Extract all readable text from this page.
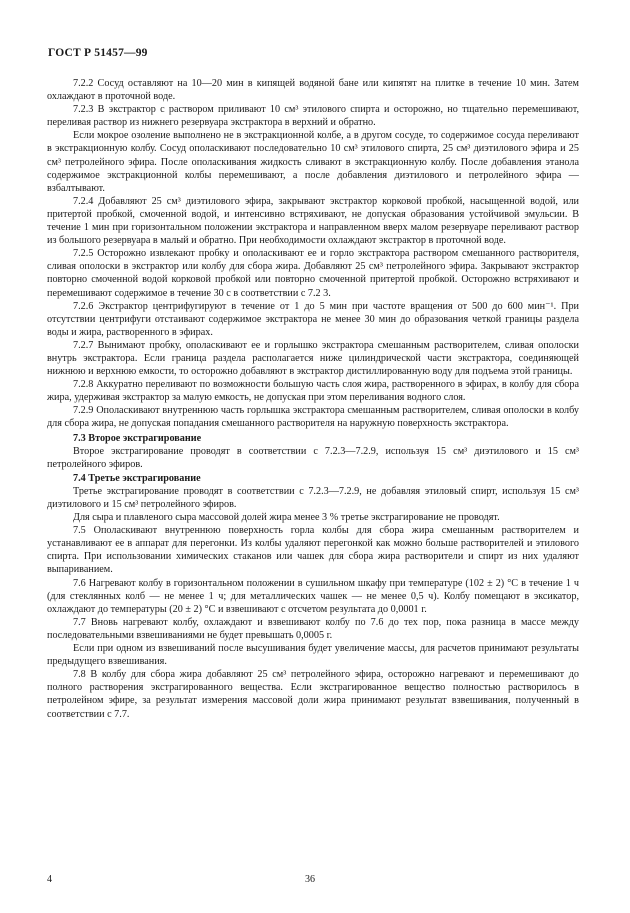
ГОСТ Р 51457—99

7.2.2 Сосуд оставляют на 10—20 мин в кипящей водяной бане или кипятят на плитке в течение 10 мин. Затем охлаждают в проточной воде.

7.2.3 В экстрактор с раствором приливают 10 см³ этилового спирта и осторожно, но тщательно перемешивают, переливая раствор из нижнего резервуара экстрактора в верхний и обратно.

Если мокрое озоление выполнено не в экстракционной колбе, а в другом сосуде, то содержимое сосуда переливают в экстракционную колбу. Сосуд ополаскивают последовательно 10 см³ этилового спирта, 25 см³ диэтилового эфира и 25 см³ петролейного эфира. После ополаскивания жидкость сливают в экстракционную колбу. После добавления этанола содержимое экстракционной колбы перемешивают, а после добавления диэтилового и петролейного эфира — взбалтывают.

7.2.4 Добавляют 25 см³ диэтилового эфира, закрывают экстрактор корковой пробкой, насыщенной водой, или притертой пробкой, смоченной водой, и интенсивно встряхивают, не допуская образования устойчивой эмульсии. В течение 1 мин при горизонтальном положении экстрактора и направленном вверх малом резервуаре переливают раствор из большого резервуара в малый и обратно. При необходимости охлаждают экстрактор в проточной воде.

7.2.5 Осторожно извлекают пробку и ополаскивают ее и горло экстрактора раствором смешанного растворителя, сливая ополоски в экстрактор или колбу для сбора жира. Добавляют 25 см³ петролейного эфира. Закрывают экстрактор повторно смоченной водой корковой пробкой или повторно смоченной притертой пробкой. Осторожно встряхивают и перемешивают содержимое в течение 30 с в соответствии с 7.2 3.

7.2.6 Экстрактор центрифугируют в течение от 1 до 5 мин при частоте вращения от 500 до 600 мин⁻¹. При отсутствии центрифуги отстаивают содержимое экстрактора не менее 30 мин до образования четкой границы раздела воды и жира, растворенного в эфирах.

7.2.7 Вынимают пробку, ополаскивают ее и горлышко экстрактора смешанным растворителем, сливая ополоски внутрь экстрактора. Если граница раздела располагается ниже цилиндрической части экстрактора, соединяющей нижнюю и верхнюю емкости, то осторожно добавляют в экстрактор дистиллированную воду для подъема этой границы.

7.2.8 Аккуратно переливают по возможности большую часть слоя жира, растворенного в эфирах, в колбу для сбора жира, удерживая экстрактор за малую емкость, не допуская при этом переливания водного слоя.

7.2.9 Ополаскивают внутреннюю часть горлышка экстрактора смешанным растворителем, сливая ополоски в колбу для сбора жира, не допуская попадания смешанного растворителя на наружную поверхность экстрактора.

7.3 Второе экстрагирование

Второе экстрагирование проводят в соответствии с 7.2.3—7.2.9, используя 15 см³ диэтилового и 15 см³ петролейного эфиров.

7.4 Третье экстрагирование

Третье экстрагирование проводят в соответствии с 7.2.3—7.2.9, не добавляя этиловый спирт, используя 15 см³ диэтилового и 15 см³ петролейного эфиров.

Для сыра и плавленого сыра массовой долей жира менее 3 % третье экстрагирование не проводят.

7.5 Ополаскивают внутреннюю поверхность горла колбы для сбора жира смешанным растворителем и устанавливают ее в аппарат для перегонки. Из колбы удаляют перегонкой как можно больше растворителей и этилового спирта. При использовании химических стаканов или чашек для сбора жира растворители и спирт из них удаляют выпариванием.

7.6 Нагревают колбу в горизонтальном положении в сушильном шкафу при температуре (102 ± 2) °С в течение 1 ч (для стеклянных колб — не менее 1 ч; для металлических чашек — не менее 0,5 ч). Колбу помещают в эксикатор, охлаждают до температуры (20 ± 2) °С и взвешивают с отсчетом результата до 0,0001 г.

7.7 Вновь нагревают колбу, охлаждают и взвешивают колбу по 7.6 до тех пор, пока разница в массе между последовательными взвешиваниями не будет превышать 0,0005 г.

Если при одном из взвешиваний после высушивания будет увеличение массы, для расчетов принимают результаты предыдущего взвешивания.

7.8 В колбу для сбора жира добавляют 25 см³ петролейного эфира, осторожно нагревают и перемешивают до полного растворения экстрагированного вещества. Если экстрагированное вещество полностью растворилось в петролейном эфире, за результат измерения массовой доли жира принимают результат взвешивания, полученный в соответствии с 7.7.

4	36
